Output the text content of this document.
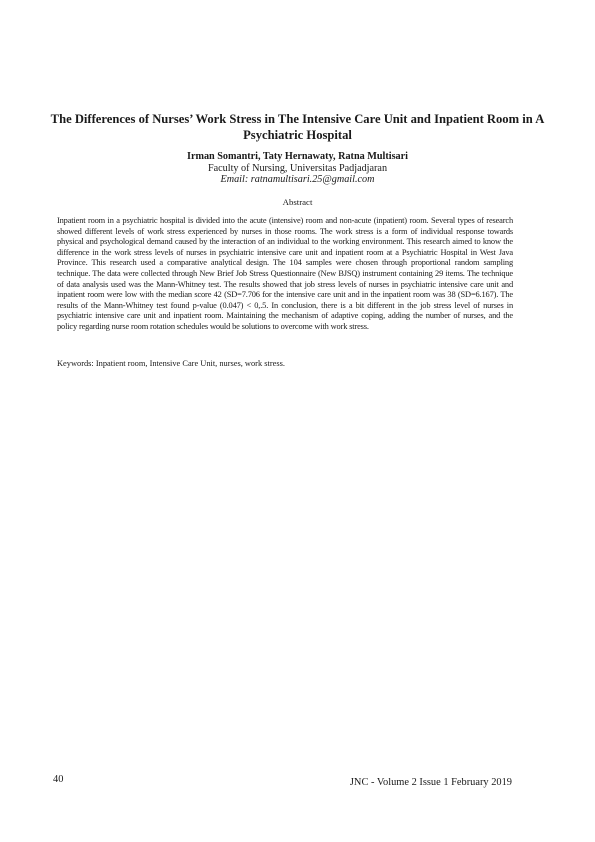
The Differences of Nurses’ Work Stress in The Intensive Care Unit and Inpatient Room in A Psychiatric Hospital
Irman Somantri, Taty Hernawaty, Ratna Multisari
Faculty of Nursing, Universitas Padjadjaran
Email: ratnamultisari.25@gmail.com
Abstract

Inpatient room in a psychiatric hospital is divided into the acute (intensive) room and non-acute (inpatient) room. Several types of research showed different levels of work stress experienced by nurses in those rooms. The work stress is a form of individual response towards physical and psychological demand caused by the interaction of an individual to the working environment. This research aimed to know the difference in the work stress levels of nurses in psychiatric intensive care unit and inpatient room at a Psychiatric Hospital in West Java Province. This research used a comparative analytical design. The 104 samples were chosen through proportional random sampling technique. The data were collected through New Brief Job Stress Questionnaire (New BJSQ) instrument containing 29 items. The technique of data analysis used was the Mann-Whitney test. The results showed that job stress levels of nurses in psychiatric intensive care unit and inpatient room were low with the median score 42 (SD=7.706 for the intensive care unit and in the inpatient room was 38 (SD=6.167). The results of the Mann-Whitney test found p-value (0.047) < 0,.5. In conclusion, there is a bit different in the job stress level of nurses in psychiatric intensive care unit and inpatient room. Maintaining the mechanism of adaptive coping, adding the number of nurses, and the policy regarding nurse room rotation schedules would be solutions to overcome with work stress.

Keywords: Inpatient room, Intensive Care Unit, nurses, work stress.

40	JNC - Volume 2 Issue 1 February 2019
